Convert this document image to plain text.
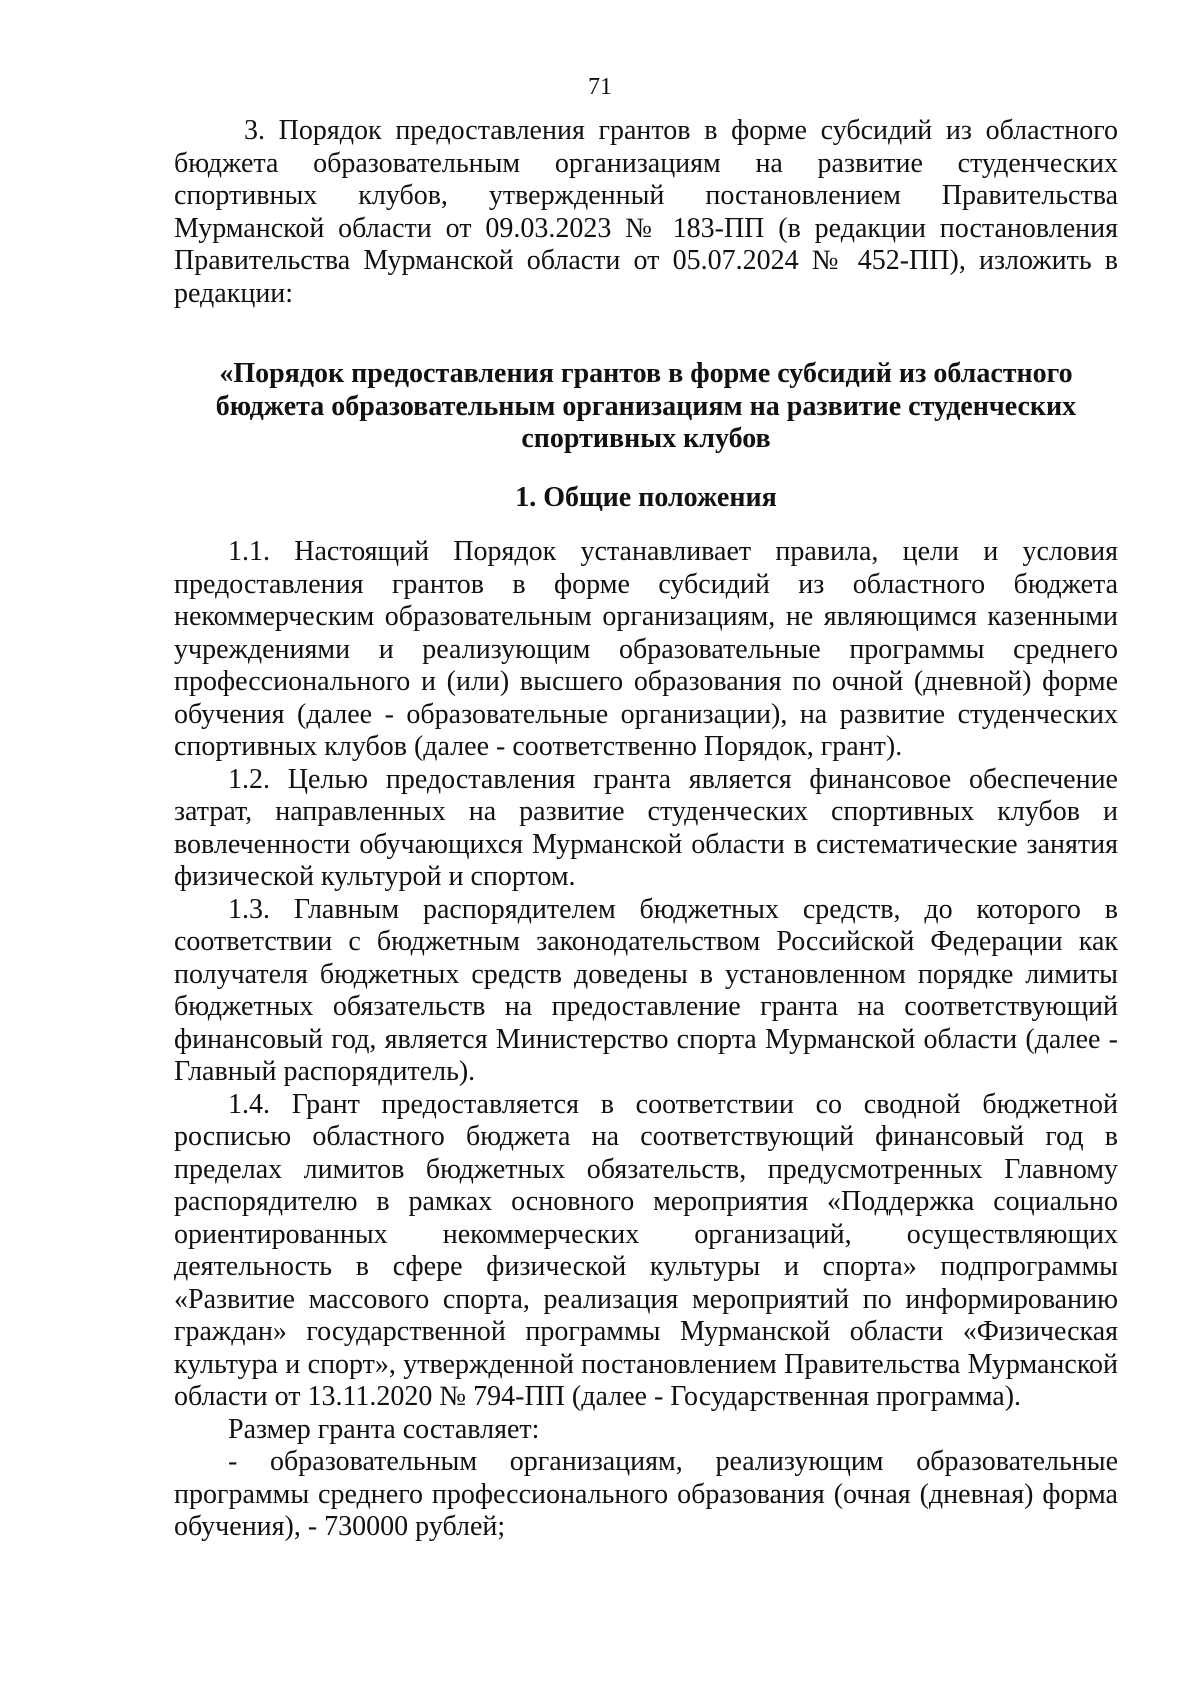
71

3. Порядок предоставления грантов в форме субсидий из областного бюджета образовательным организациям на развитие студенческих спортивных клубов, утвержденный постановлением Правительства Мурманской области от 09.03.2023 № 183-ПП (в редакции постановления Правительства Мурманской области от 05.07.2024 № 452-ПП), изложить в редакции:

«Порядок предоставления грантов в форме субсидий из областного бюджета образовательным организациям на развитие студенческих спортивных клубов

1. Общие положения

1.1. Настоящий Порядок устанавливает правила, цели и условия предоставления грантов в форме субсидий из областного бюджета некоммерческим образовательным организациям, не являющимся казенными учреждениями и реализующим образовательные программы среднего профессионального и (или) высшего образования по очной (дневной) форме обучения (далее - образовательные организации), на развитие студенческих спортивных клубов (далее - соответственно Порядок, грант).

1.2. Целью предоставления гранта является финансовое обеспечение затрат, направленных на развитие студенческих спортивных клубов и вовлеченности обучающихся Мурманской области в систематические занятия физической культурой и спортом.

1.3. Главным распорядителем бюджетных средств, до которого в соответствии с бюджетным законодательством Российской Федерации как получателя бюджетных средств доведены в установленном порядке лимиты бюджетных обязательств на предоставление гранта на соответствующий финансовый год, является Министерство спорта Мурманской области (далее - Главный распорядитель).

1.4. Грант предоставляется в соответствии со сводной бюджетной росписью областного бюджета на соответствующий финансовый год в пределах лимитов бюджетных обязательств, предусмотренных Главному распорядителю в рамках основного мероприятия «Поддержка социально ориентированных некоммерческих организаций, осуществляющих деятельность в сфере физической культуры и спорта» подпрограммы «Развитие массового спорта, реализация мероприятий по информированию граждан» государственной программы Мурманской области «Физическая культура и спорт», утвержденной постановлением Правительства Мурманской области от 13.11.2020 № 794-ПП (далее - Государственная программа).

Размер гранта составляет:

- образовательным организациям, реализующим образовательные программы среднего профессионального образования (очная (дневная) форма обучения), - 730000 рублей;
